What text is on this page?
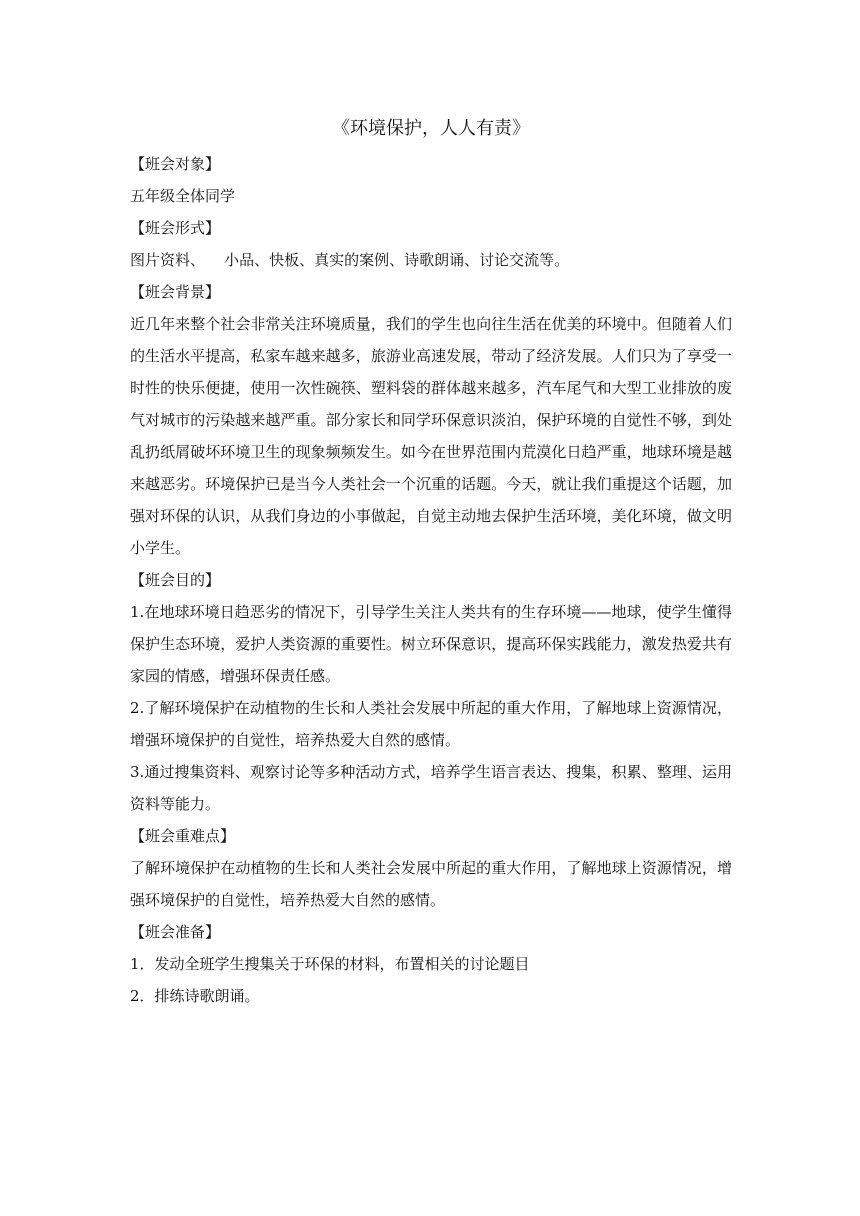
《环境保护，人人有责》

【班会对象】

五年级全体同学

【班会形式】

图片资料、    小品、快板、真实的案例、诗歌朗诵、讨论交流等。

【班会背景】

近几年来整个社会非常关注环境质量，我们的学生也向往生活在优美的环境中。但随着人们的生活水平提高，私家车越来越多，旅游业高速发展，带动了经济发展。人们只为了享受一时性的快乐便捷，使用一次性碗筷、塑料袋的群体越来越多，汽车尾气和大型工业排放的废气对城市的污染越来越严重。部分家长和同学环保意识淡泊，保护环境的自觉性不够，到处乱扔纸屑破坏环境卫生的现象频频发生。如今在世界范围内荒漠化日趋严重，地球环境是越来越恶劣。环境保护已是当今人类社会一个沉重的话题。今天，就让我们重提这个话题，加强对环保的认识，从我们身边的小事做起，自觉主动地去保护生活环境，美化环境，做文明小学生。

【班会目的】

1.在地球环境日趋恶劣的情况下，引导学生关注人类共有的生存环境——地球，使学生懂得保护生态环境，爱护人类资源的重要性。树立环保意识，提高环保实践能力，激发热爱共有家园的情感，增强环保责任感。

2.了解环境保护在动植物的生长和人类社会发展中所起的重大作用，了解地球上资源情况，增强环境保护的自觉性，培养热爱大自然的感情。

3.通过搜集资料、观察讨论等多种活动方式，培养学生语言表达、搜集，积累、整理、运用资料等能力。

【班会重难点】

了解环境保护在动植物的生长和人类社会发展中所起的重大作用，了解地球上资源情况，增强环境保护的自觉性，培养热爱大自然的感情。

【班会准备】

1．发动全班学生搜集关于环保的材料，布置相关的讨论题目

2．排练诗歌朗诵。
